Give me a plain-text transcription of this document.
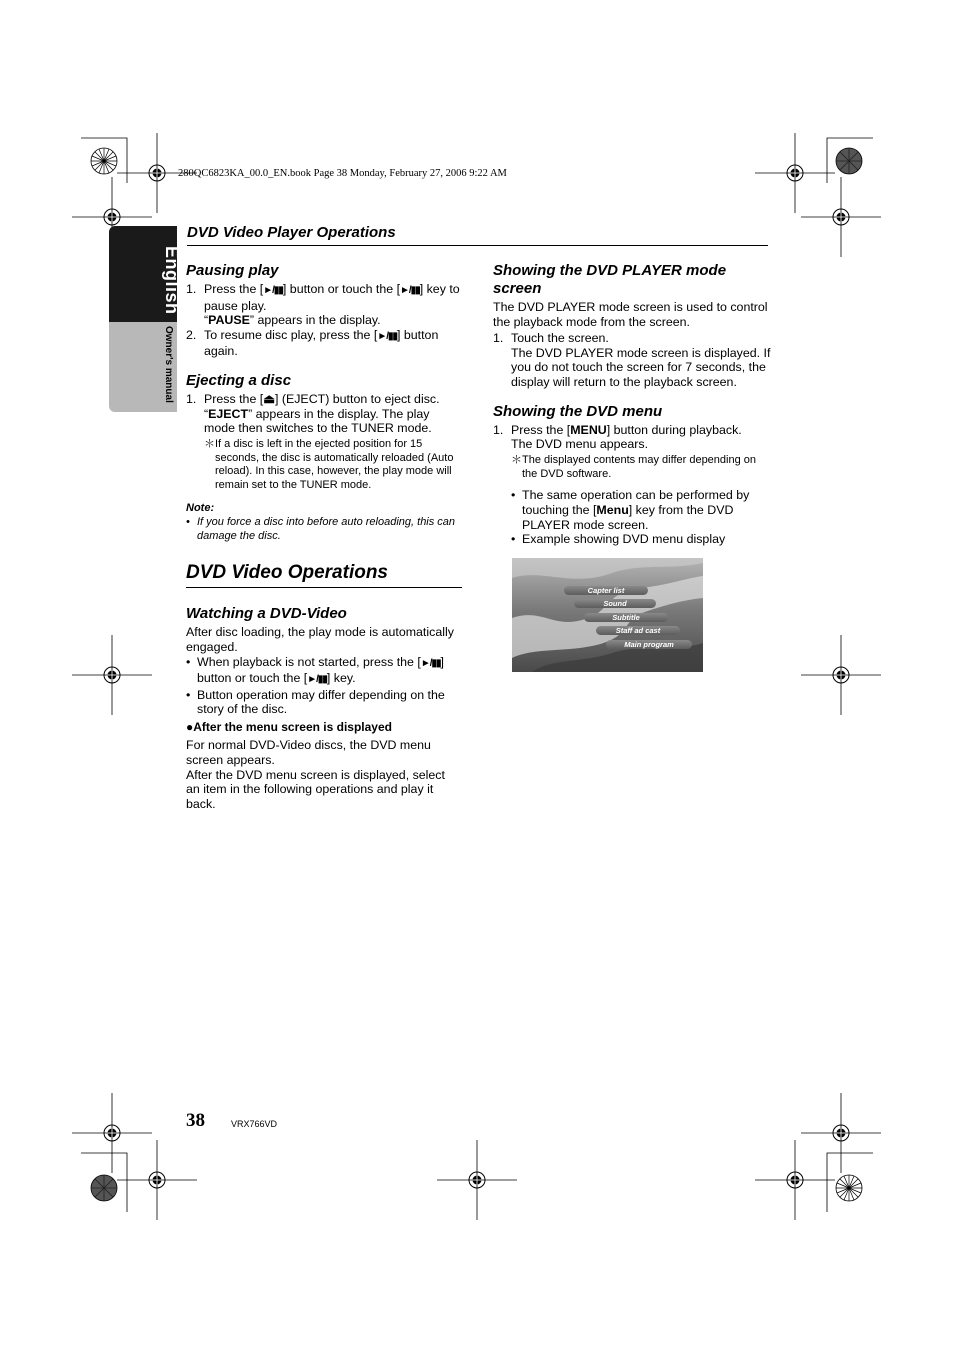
280QC6823KA_00.0_EN.book Page 38 Monday, February 27, 2006 9:22 AM
English
Owner's manual
DVD Video Player Operations

Pausing play

1. Press the [►/▮▮] button or touch the [►/▮▮] key to pause play.
“PAUSE” appears in the display.
2. To resume disc play, press the [►/▮▮] button again.

Ejecting a disc

1. Press the [⏏] (EJECT) button to eject disc.
“EJECT” appears in the display. The play mode then switches to the TUNER mode.
＊ If a disc is left in the ejected position for 15 seconds, the disc is automatically reloaded (Auto reload). In this case, however, the play mode will remain set to the TUNER mode.
Note:
• If you force a disc into before auto reloading, this can damage the disc.
DVD Video Operations

Watching a DVD-Video

After disc loading, the play mode is automatically engaged.
• When playback is not started, press the [►/▮▮] button or touch the [►/▮▮] key.
• Button operation may differ depending on the story of the disc.
●After the menu screen is displayed
For normal DVD-Video discs, the DVD menu screen appears.
After the DVD menu screen is displayed, select an item in the following operations and play it back.

Showing the DVD PLAYER mode screen

The DVD PLAYER mode screen is used to control the playback mode from the screen.
1. Touch the screen.
The DVD PLAYER mode screen is displayed. If you do not touch the screen for 7 seconds, the display will return to the playback screen.

Showing the DVD menu

1. Press the [MENU] button during playback.
The DVD menu appears.
＊ The displayed contents may differ depending on the DVD software.
• The same operation can be performed by touching the [Menu] key from the DVD PLAYER mode screen.
• Example showing DVD menu display
Capter list
Sound
Subtitle
Staff ad cast
Main program
38	VRX766VD
